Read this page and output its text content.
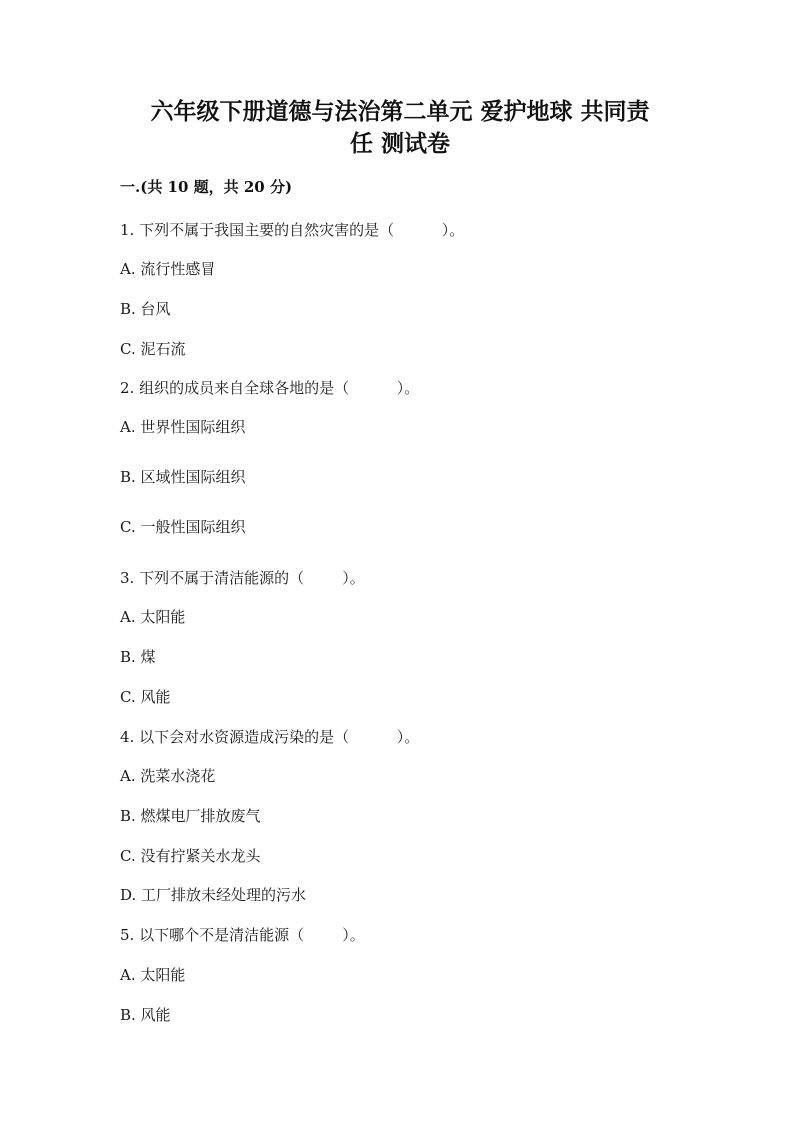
六年级下册道德与法治第二单元 爱护地球 共同责
任 测试卷

一.(共 10 题，共 20 分)

1. 下列不属于我国主要的自然灾害的是（          ）。

A. 流行性感冒

B. 台风

C. 泥石流

2. 组织的成员来自全球各地的是（          ）。

A. 世界性国际组织

B. 区域性国际组织

C. 一般性国际组织

3. 下列不属于清洁能源的（        ）。

A. 太阳能

B. 煤

C. 风能

4. 以下会对水资源造成污染的是（          ）。

A. 洗菜水浇花

B. 燃煤电厂排放废气

C. 没有拧紧关水龙头

D. 工厂排放未经处理的污水

5. 以下哪个不是清洁能源（        ）。

A. 太阳能

B. 风能
